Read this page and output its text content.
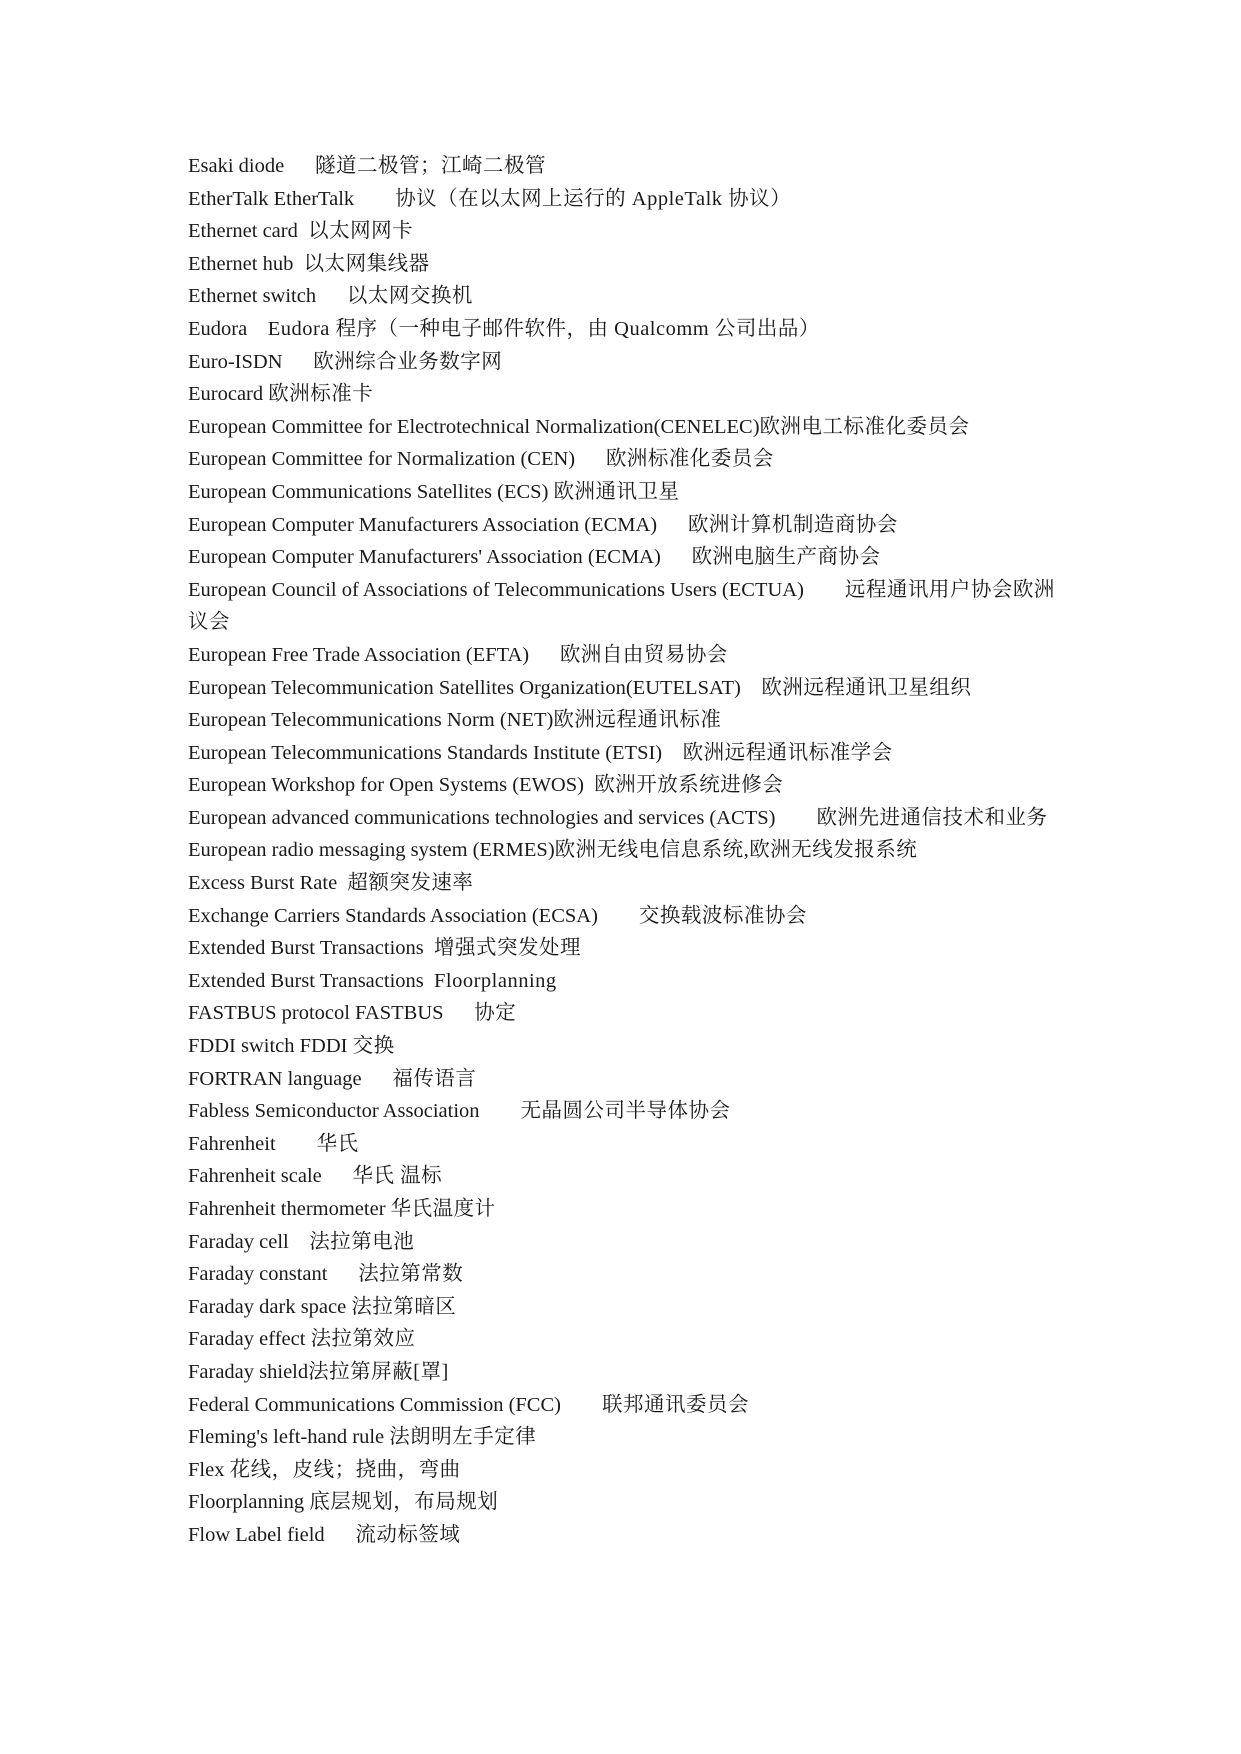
Esaki diode   隧道二极管；江崎二极管

EtherTalk EtherTalk   协议（在以太网上运行的 AppleTalk 协议）

Ethernet card  以太网网卡

Ethernet hub  以太网集线器

Ethernet switch   以太网交换机

Eudora  Eudora 程序（一种电子邮件软件，由 Qualcomm 公司出品）

Euro-ISDN   欧洲综合业务数字网

Eurocard 欧洲标准卡

European Committee for Electrotechnical Normalization(CENELEC)欧洲电工标准化委员会

European Committee for Normalization (CEN)   欧洲标准化委员会

European Communications Satellites (ECS) 欧洲通讯卫星

European Computer Manufacturers Association (ECMA)   欧洲计算机制造商协会

European Computer Manufacturers' Association (ECMA)   欧洲电脑生产商协会

European Council of Associations of Telecommunications Users (ECTUA)   远程通讯用户协会欧洲议会

European Free Trade Association (EFTA)   欧洲自由贸易协会

European Telecommunication Satellites Organization(EUTELSAT)  欧洲远程通讯卫星组织

European Telecommunications Norm (NET)欧洲远程通讯标准

European Telecommunications Standards Institute (ETSI)  欧洲远程通讯标准学会

European Workshop for Open Systems (EWOS)  欧洲开放系统进修会

European advanced communications technologies and services (ACTS)   欧洲先进通信技术和业务

European radio messaging system (ERMES)欧洲无线电信息系统,欧洲无线发报系统

Excess Burst Rate  超额突发速率

Exchange Carriers Standards Association (ECSA)   交换载波标准协会

Extended Burst Transactions  增强式突发处理

Extended Burst Transactions  Floorplanning

FASTBUS protocol FASTBUS   协定

FDDI switch FDDI 交换

FORTRAN language   福传语言

Fabless Semiconductor Association   无晶圆公司半导体协会

Fahrenheit   华氏

Fahrenheit scale   华氏 温标

Fahrenheit thermometer 华氏温度计

Faraday cell  法拉第电池

Faraday constant   法拉第常数

Faraday dark space 法拉第暗区

Faraday effect 法拉第效应

Faraday shield法拉第屏蔽[罩]

Federal Communications Commission (FCC)   联邦通讯委员会

Fleming's left-hand rule 法朗明左手定律

Flex 花线，皮线；挠曲，弯曲

Floorplanning 底层规划，布局规划

Flow Label field   流动标签域
